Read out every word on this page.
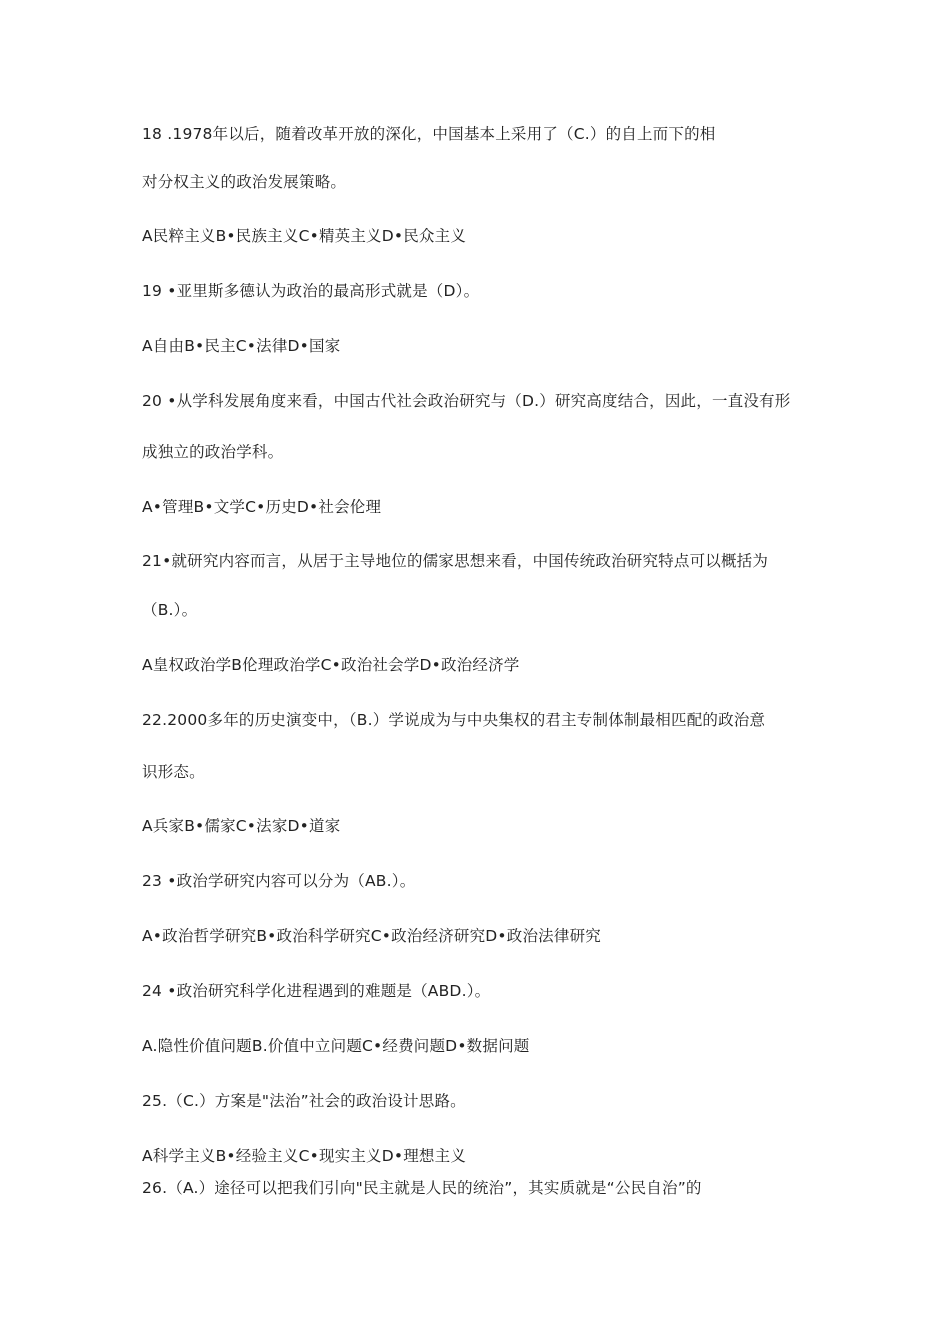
18 .1978年以后，随着改革开放的深化，中国基本上采用了（C.）的自上而下的相
对分权主义的政治发展策略。
A民粹主义B•民族主义C•精英主义D•民众主义
19 •亚里斯多德认为政治的最高形式就是（D）。
A自由B•民主C•法律D•国家
20 •从学科发展角度来看，中国古代社会政治研究与（D.）研究高度结合，因此，一直没有形
成独立的政治学科。
A•管理B•文学C•历史D•社会伦理
21•就研究内容而言，从居于主导地位的儒家思想来看，中国传统政治研究特点可以概括为
（B.）。
A皇权政治学B伦理政治学C•政治社会学D•政治经济学
22.2000多年的历史演变中，（B.）学说成为与中央集权的君主专制体制最相匹配的政治意
识形态。
A兵家B•儒家C•法家D•道家
23 •政治学研究内容可以分为（AB.）。
A•政治哲学研究B•政治科学研究C•政治经济研究D•政治法律研究
24 •政治研究科学化进程遇到的难题是（ABD.）。
A.隐性价值问题B.价值中立问题C•经费问题D•数据问题
25.（C.）方案是"法治”社会的政治设计思路。
A科学主义B•经验主义C•现实主义D•理想主义
26.（A.）途径可以把我们引向"民主就是人民的统治”，其实质就是“公民自治”的
